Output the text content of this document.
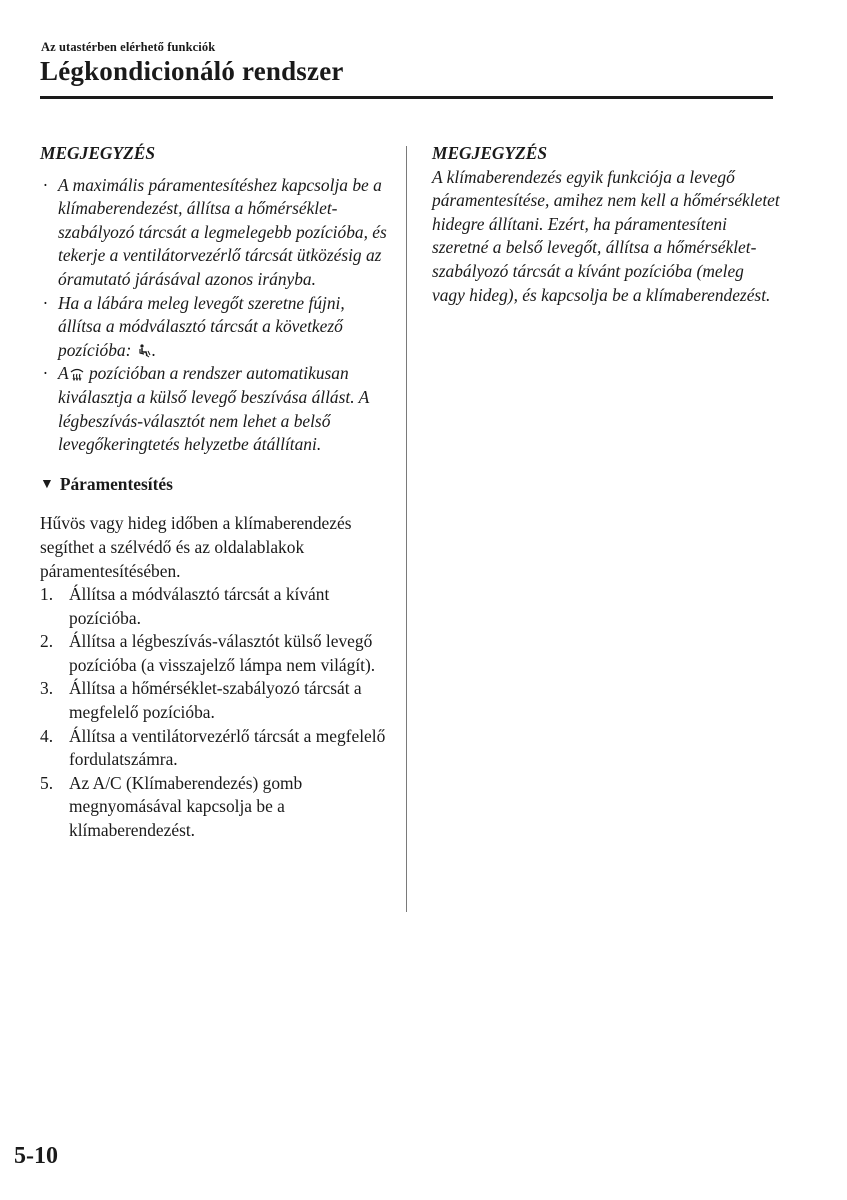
Az utastérben elérhető funkciók
Légkondicionáló rendszer
MEGJEGYZÉS
· A maximális páramentesítéshez kapcsolja be a klímaberendezést, állítsa a hőmérséklet-szabályozó tárcsát a legmelegebb pozícióba, és tekerje a ventilátorvezérlő tárcsát ütközésig az óramutató járásával azonos irányba.
· Ha a lábára meleg levegőt szeretne fújni, állítsa a módválasztó tárcsát a következő pozícióba: .
· A pozícióban a rendszer automatikusan kiválasztja a külső levegő beszívása állást. A légbeszívás-választót nem lehet a belső levegőkeringtetés helyzetbe átállítani.
▼ Páramentesítés
Hűvös vagy hideg időben a klímaberendezés segíthet a szélvédő és az oldalablakok páramentesítésében.
1. Állítsa a módválasztó tárcsát a kívánt pozícióba.
2. Állítsa a légbeszívás-választót külső levegő pozícióba (a visszajelző lámpa nem világít).
3. Állítsa a hőmérséklet-szabályozó tárcsát a megfelelő pozícióba.
4. Állítsa a ventilátorvezérlő tárcsát a megfelelő fordulatszámra.
5. Az A/C (Klímaberendezés) gomb megnyomásával kapcsolja be a klímaberendezést.
MEGJEGYZÉS
A klímaberendezés egyik funkciója a levegő páramentesítése, amihez nem kell a hőmérsékletet hidegre állítani. Ezért, ha páramentesíteni szeretné a belső levegőt, állítsa a hőmérséklet-szabályozó tárcsát a kívánt pozícióba (meleg vagy hideg), és kapcsolja be a klímaberendezést.
5-10
